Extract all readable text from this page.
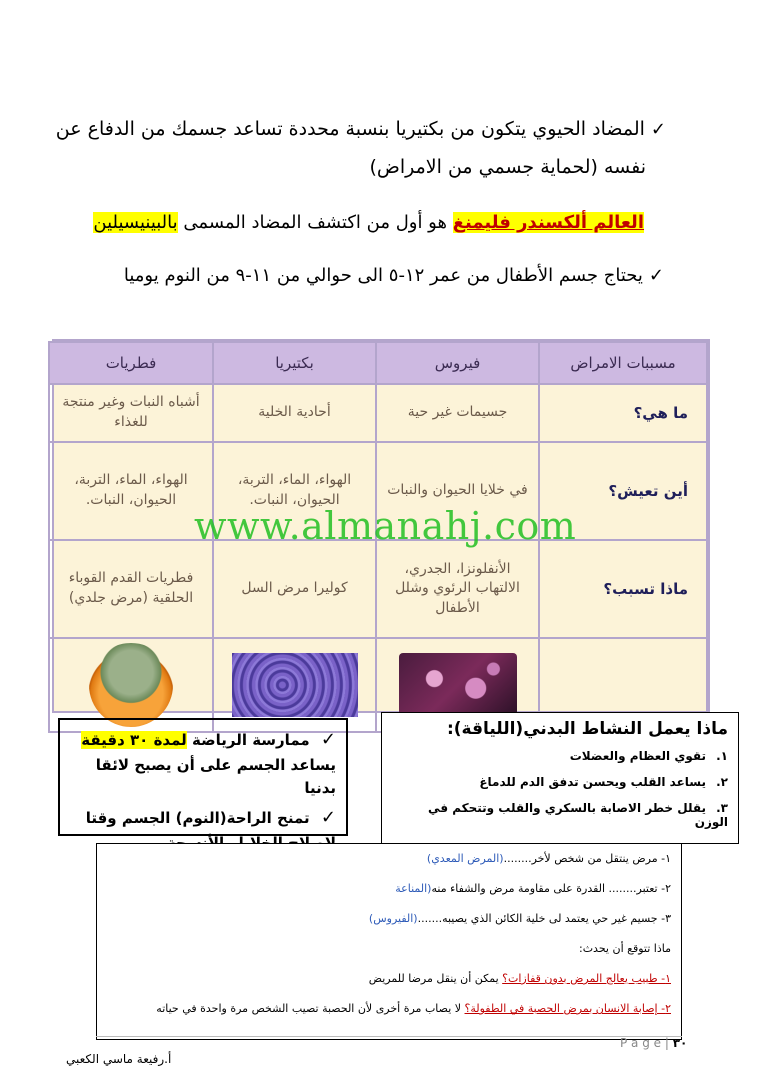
✓المضاد الحيوي يتكون من بكتيريا بنسبة محددة تساعد جسمك من الدفاع عن
نفسه (لحماية جسمي من الامراض)
العالم ألكسندر فليمنغ هو أول من اكتشف المضاد المسمى بالبينيسيلين
✓يحتاج جسم الأطفال من عمر ١٢-٥ الى حوالي من ١١-٩ من النوم يوميا
مسببات الامراض	فيروس	بكتيريا	فطريات
ما هي؟	جسيمات غير حية	أحادية الخلية	أشباه النبات وغير منتجة للغذاء
أين تعيش؟	في خلايا الحيوان والنبات	الهواء، الماء، التربة، الحيوان، النبات.	الهواء، الماء، التربة، الحيوان، النبات.
ماذا تسبب؟	الأنفلونزا، الجدري، الالتهاب الرئوي وشلل الأطفال	كوليرا مرض السل	فطريات القدم القوباء الحلقية (مرض جلدي)

www.almanahj.com
ماذا يعمل النشاط البدني(اللياقة):
١.تقوي العظام والعضلات
٢.يساعد القلب ويحسن تدفق الدم للدماغ
٣.يقلل خطر الاصابة بالسكري والقلب وتتحكم في الوزن

✓ ممارسة الرياضة لمدة ٣٠ دقيقة يساعد الجسم على أن يصبح لائقا بدنيا

✓ تمنح الراحة(النوم) الجسم وقتا

١- مرض ينتقل من شخص لأخر........(المرض المعدي)

٢- تعتبر........ القدرة على مقاومة مرض والشفاء منه(المناعة

٣- جسيم غير حي يعتمد لى خلية الكائن الذي يصيبه.......(الفيروس)

ماذا تتوقع أن يحدث:

١- طبيب يعالج المرض بدون قفازات؟ يمكن أن ينقل مرضا للمريض

٢- إصابة الانسان بمرض الحصبة في الطفولة؟ لا يصاب مرة أخرى لأن الحصبة تصيب الشخص مرة واحدة في حياته

P a g e | ٣٠
أ.رفيعة ماسي الكعبي
